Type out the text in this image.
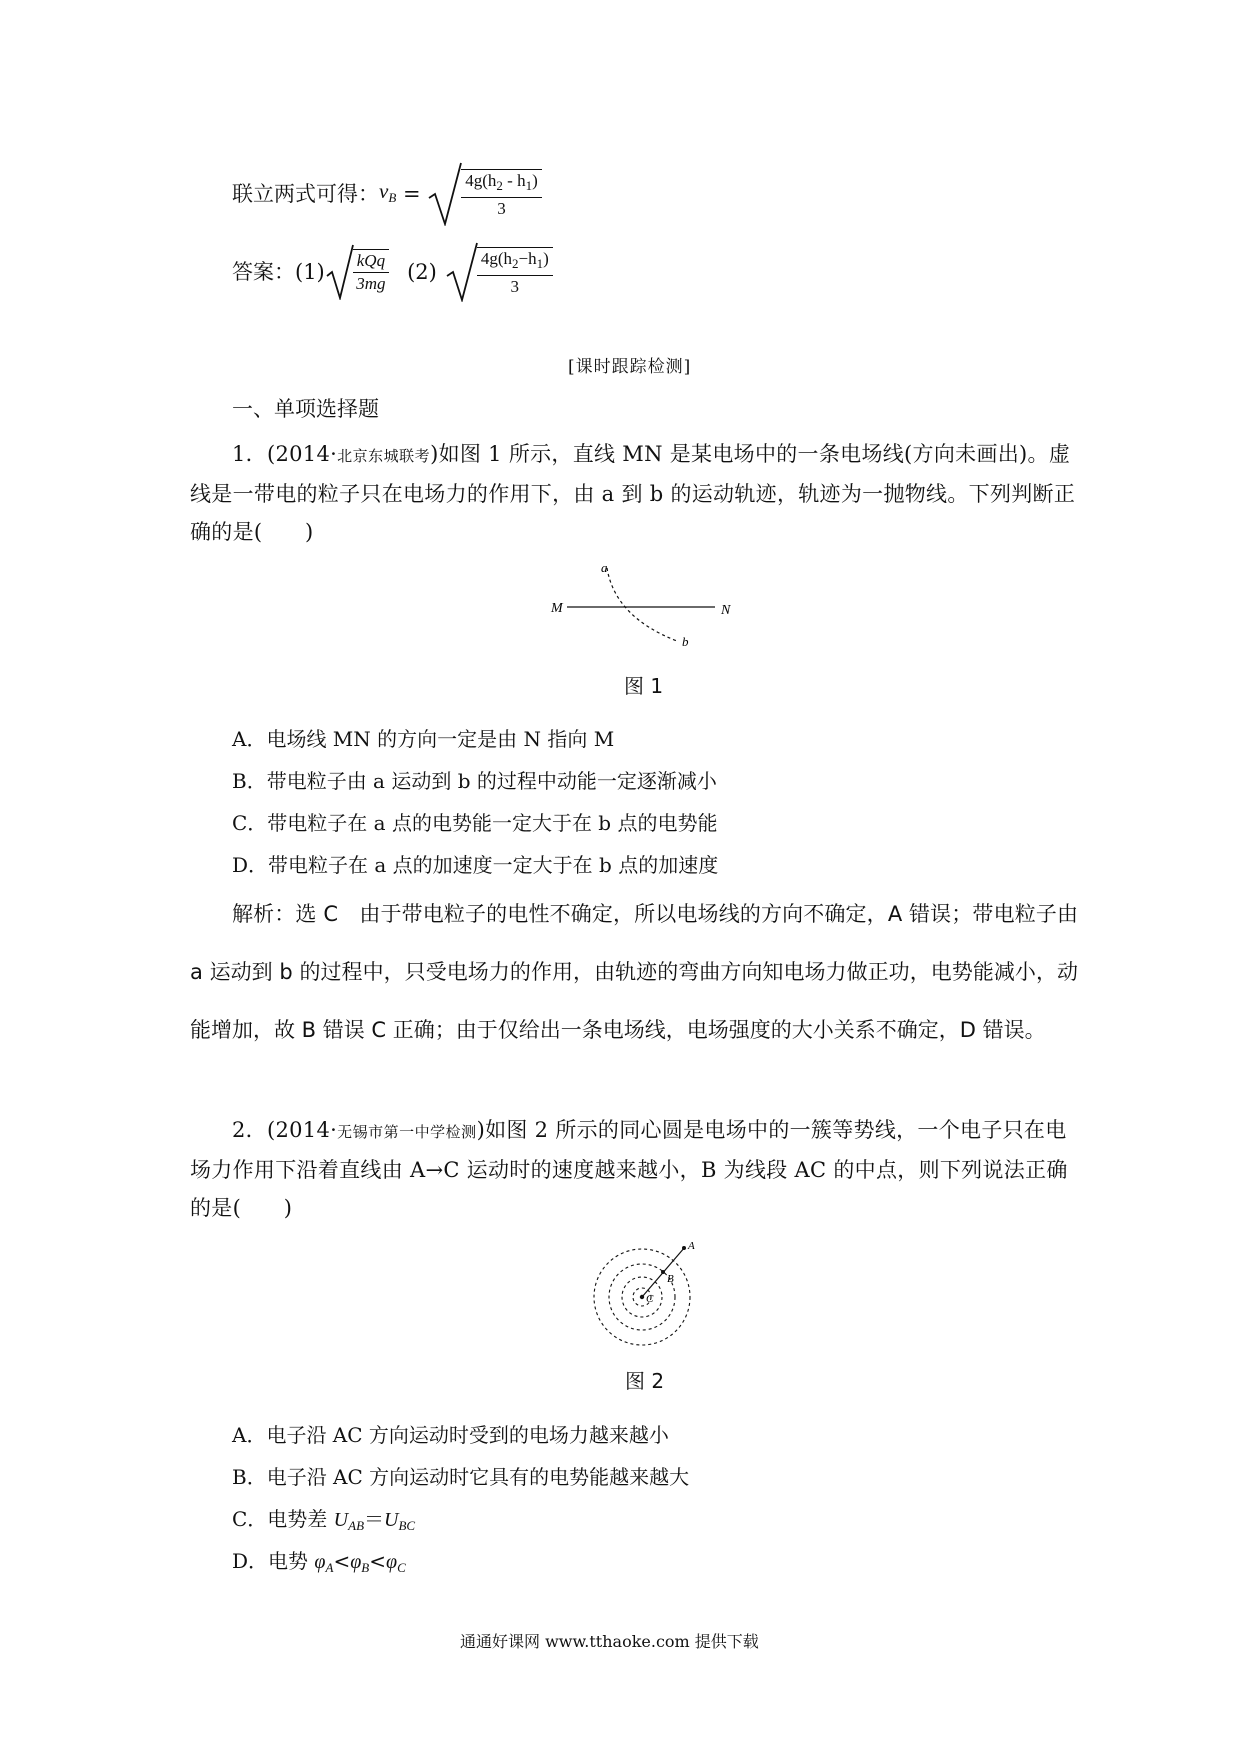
联立两式可得： $v_B = \frac{4g(h_2 - h_1)}{3}$
答案： $(1) \frac{\text{kQq}}{3mg} (2) \frac{4g(h_2-h_1)}{3}$
[课时跟踪检测]
一、单项选择题
1．(2014·北京东城联考)如图 1 所示，直线 MN 是某电场中的一条电场线(方向未画出)。虚线是一带电的粒子只在电场力的作用下，由 a 到 b 的运动轨迹，轨迹为一抛物线。下列判断正确的是(　　)
a
M	N
b
图 1
A．电场线 MN 的方向一定是由 N 指向 M
B．带电粒子由 a 运动到 b 的过程中动能一定逐渐减小
C．带电粒子在 a 点的电势能一定大于在 b 点的电势能
D．带电粒子在 a 点的加速度一定大于在 b 点的加速度
解析：选 C　由于带电粒子的电性不确定，所以电场线的方向不确定，A 错误；带电粒子由 a 运动到 b 的过程中，只受电场力的作用，由轨迹的弯曲方向知电场力做正功，电势能减小，动能增加，故 B 错误 C 正确；由于仅给出一条电场线，电场强度的大小关系不确定，D 错误。
2．(2014·无锡市第一中学检测)如图 2 所示的同心圆是电场中的一簇等势线，一个电子只在电场力作用下沿着直线由 A→C 运动时的速度越来越小，B 为线段 AC 的中点，则下列说法正确的是(　　)
A
B
C
图 2
A．电子沿 AC 方向运动时受到的电场力越来越小
B．电子沿 AC 方向运动时它具有的电势能越来越大
C．电势差 $U_{AB}=U_{BC}$
D．电势 $\varphi_A<\varphi_B<\varphi_C$
通通好课网 www.tthaoke.com 提供下载
